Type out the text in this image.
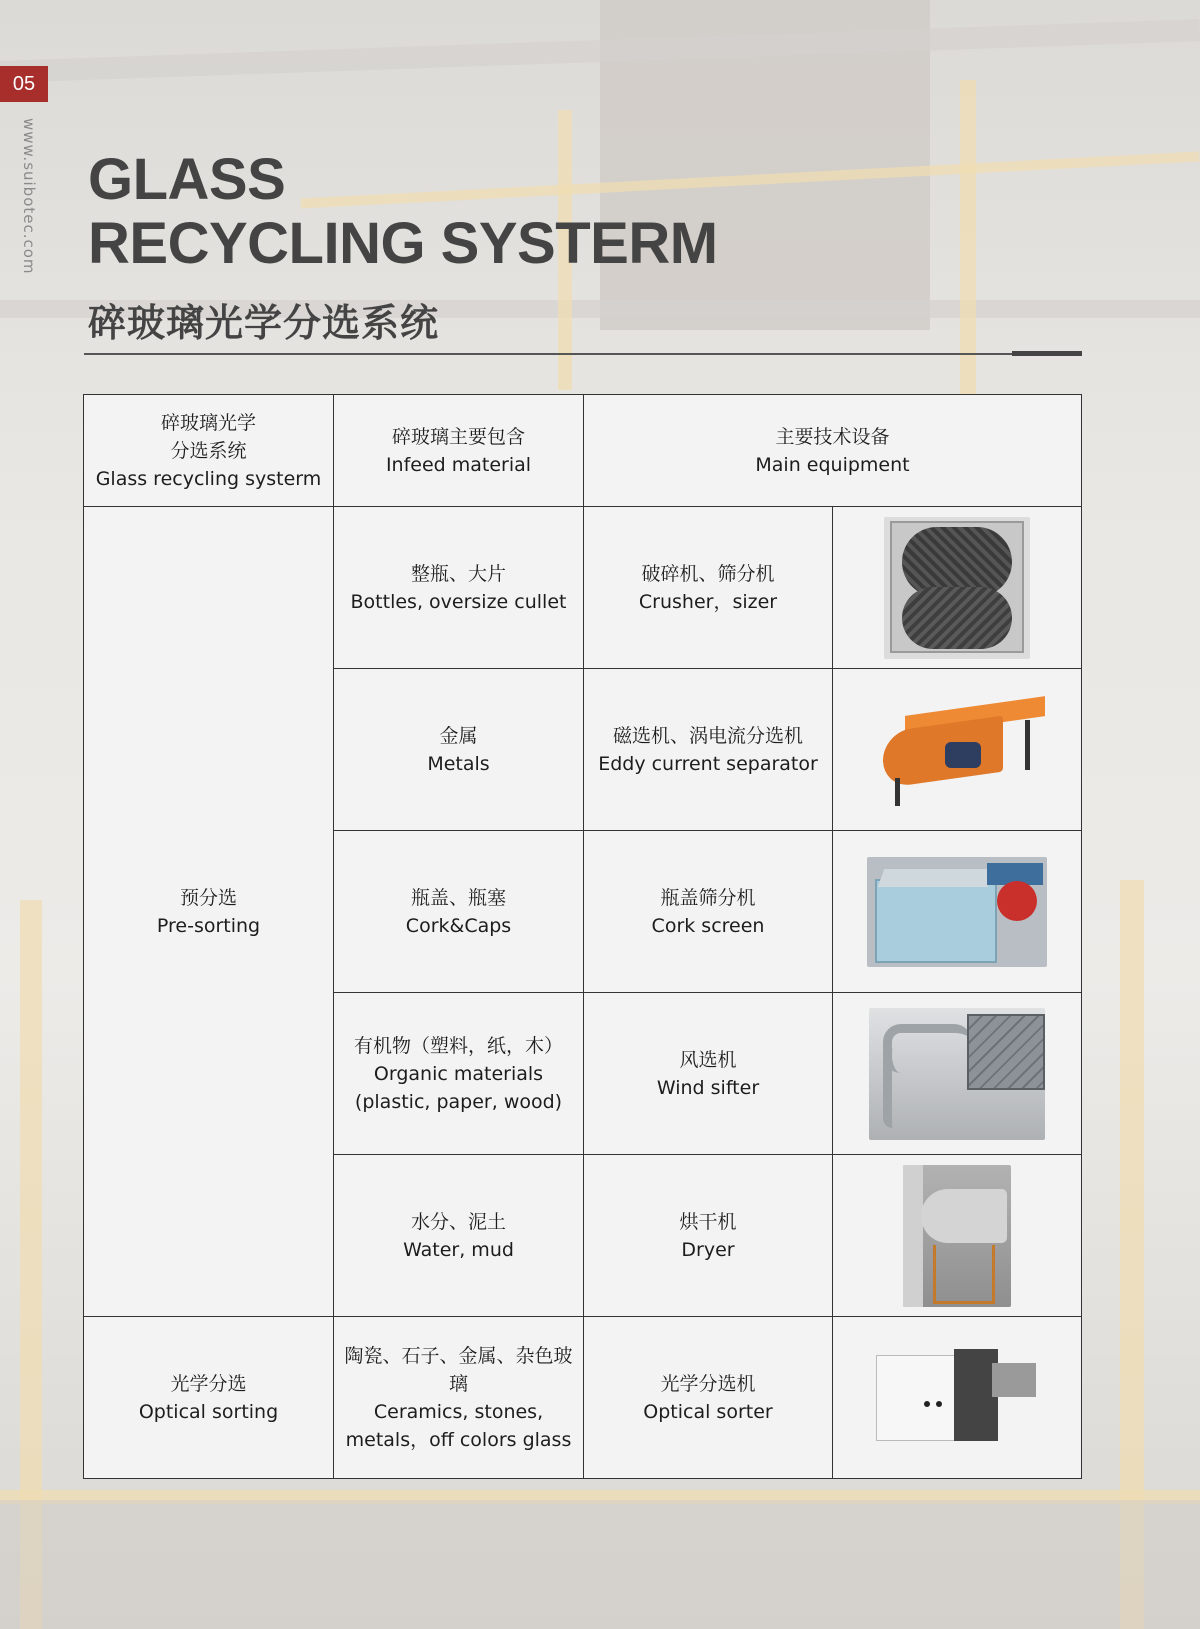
05
www.suibotec.com GLASS
RECYCLING SYSTERM
碎玻璃光学分选系统
碎玻璃光学
分选系统
Glass recycling systerm	碎玻璃主要包含
Infeed material	主要技术设备
Main equipment	

预分选
Pre-sorting	整瓶、大片
Bottles, oversize cullet	破碎机、筛分机
Crusher，sizer	

	金属
Metals	磁选机、涡电流分选机
Eddy current separator	

	瓶盖、瓶塞
Cork&Caps	瓶盖筛分机
Cork screen	

	有机物（塑料，纸，木）
Organic materials
(plastic, paper, wood)	风选机
Wind sifter	

	水分、泥土
Water, mud	烘干机
Dryer	

光学分选
Optical sorting	陶瓷、石子、金属、杂色玻璃
Ceramics, stones,
metals，off colors glass	光学分选机
Optical sorter	
